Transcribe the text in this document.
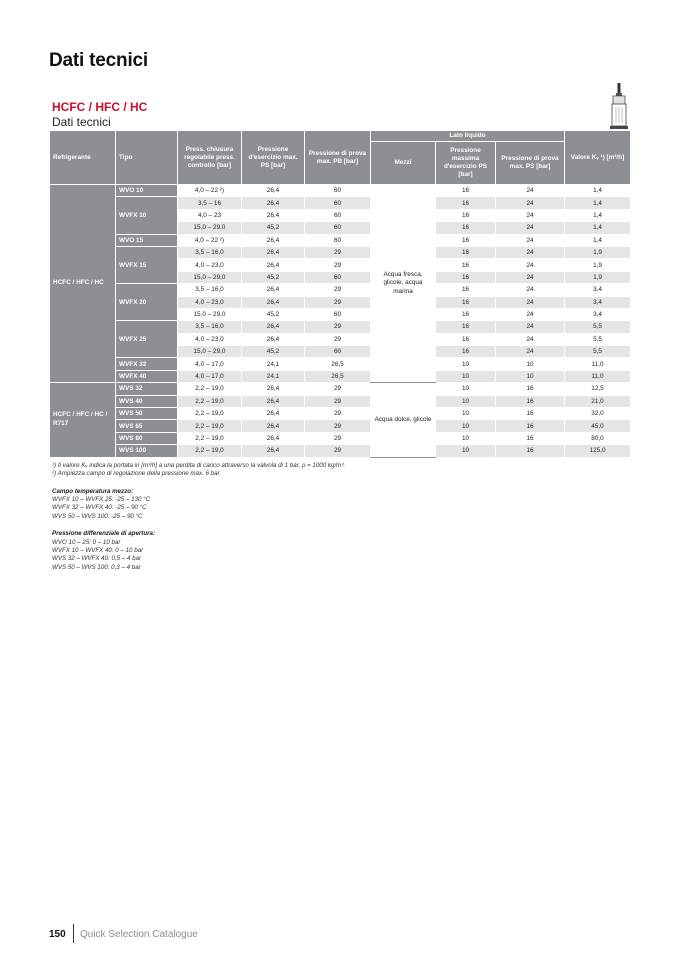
Dati tecnici
HCFC / HFC / HC
Dati tecnici
Refrigerante	Tipo	Press. chiusura regolabile press. controllo [bar]	Pressione d'esercizio max. PS [bar]	Pressione di prova max. PB [bar]	Lato liquido			Valore Kᵥ ¹) [m³/h]
					Mezzi	Pressione massima d'esercizio PS [bar]	Pressione di prova max. PS [bar]	
HCFC / HFC / HC	WVO 10	4,0 – 22 ²)	26,4	60	Acqua fresca, glicole, acqua marina	16	24	1,4
	WVFX 10	3,5 – 16	26,4	60		16	24	1,4
		4,0 – 23	26,4	60		16	24	1,4
		15,0 – 29,0	45,2	60		16	24	1,4
	WVO 15	4,0 – 22 ²)	26,4	60		16	24	1,4
	WVFX 15	3,5 – 16,0	26,4	29		16	24	1,9
		4,0 – 23,0	26,4	29		16	24	1,9
		15,0 – 29,0	45,2	60		16	24	1,9
	WVFX 20	3,5 – 16,0	26,4	29		16	24	3,4
		4,0 – 23,0	26,4	29		16	24	3,4
		15,0 – 29,0	45,2	60		16	24	3,4
	WVFX 25	3,5 – 16,0	26,4	29		16	24	5,5
		4,0 – 23,0	26,4	29		16	24	5,5
		15,0 – 29,0	45,2	60		16	24	5,5
	WVFX 32	4,0 – 17,0	24,1	26,5		10	10	11,0
	WVFX 40	4,0 – 17,0	24,1	26,5		10	10	11,0
HCFC / HFC / HC / R717	WVS 32	2,2 – 19,0	26,4	29	Acqua dolce, glicole	10	16	12,5
	WVS 40	2,2 – 19,0	26,4	29		10	16	21,0
	WVS 50	2,2 – 19,0	26,4	29		10	16	32,0
	WVS 65	2,2 – 19,0	26,4	29		10	16	45,0
	WVS 80	2,2 – 19,0	26,4	29		10	16	80,0
	WVS 100	2,2 – 19,0	26,4	29		10	16	125,0

¹) Il valore Kᵥ indica la portata in [m³/h] a una perdita di carico attraverso la valvola di 1 bar, ρ = 1000 kg/m³.

²) Ampiezza campo di regolazione della pressione max. 6 bar.

Campo temperatura mezzo:

WVFX 10 – WVFX 25: -25 – 130 °C

WVFX 32 – WVFX 40: -25 – 90 °C

WVS 50 – WVS 100: -25 – 90 °C

Pressione differenziale di apertura:

WVO 10 – 25: 0 – 10 bar

WVFX 10 – WVFX 40: 0 – 10 bar

WVS 32 – WVFX 40: 0,5 – 4 bar

WVS 50 – WVS 100: 0,3 – 4 bar

150 Quick Selection Catalogue
